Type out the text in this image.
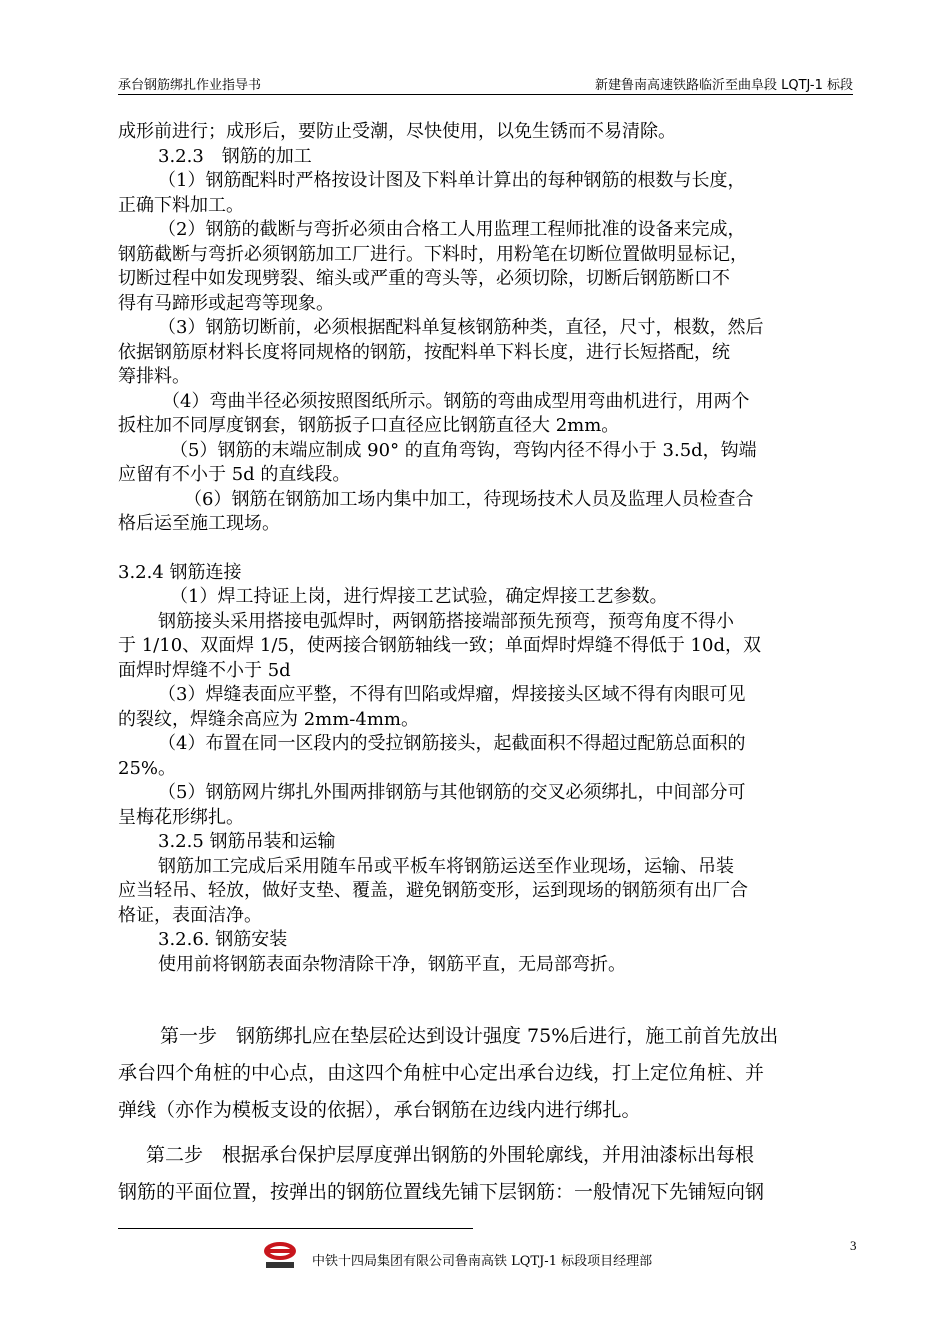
承台钢筋绑扎作业指导书	新建鲁南高速铁路临沂至曲阜段 LQTJ-1 标段

成形前进行；成形后，要防止受潮，尽快使用，以免生锈而不易清除。

3.2.3　钢筋的加工

（1）钢筋配料时严格按设计图及下料单计算出的每种钢筋的根数与长度，

正确下料加工。

（2）钢筋的截断与弯折必须由合格工人用监理工程师批准的设备来完成，

钢筋截断与弯折必须钢筋加工厂进行。下料时，用粉笔在切断位置做明显标记，

切断过程中如发现劈裂、缩头或严重的弯头等，必须切除，切断后钢筋断口不

得有马蹄形或起弯等现象。

（3）钢筋切断前，必须根据配料单复核钢筋种类，直径，尺寸，根数，然后

依据钢筋原材料长度将同规格的钢筋，按配料单下料长度，进行长短搭配，统

筹排料。

（4）弯曲半径必须按照图纸所示。钢筋的弯曲成型用弯曲机进行，用两个

扳柱加不同厚度钢套，钢筋扳子口直径应比钢筋直径大 2mm。

（5）钢筋的末端应制成 90° 的直角弯钩，弯钩内径不得小于 3.5d，钩端

应留有不小于 5d 的直线段。

（6）钢筋在钢筋加工场内集中加工，待现场技术人员及监理人员检查合

格后运至施工现场。

3.2.4 钢筋连接

（1）焊工持证上岗，进行焊接工艺试验，确定焊接工艺参数。

钢筋接头采用搭接电弧焊时，两钢筋搭接端部预先预弯，预弯角度不得小

于 1/10、双面焊 1/5，使两接合钢筋轴线一致；单面焊时焊缝不得低于 10d，双

面焊时焊缝不小于 5d

（3）焊缝表面应平整，不得有凹陷或焊瘤，焊接接头区域不得有肉眼可见

的裂纹，焊缝余高应为 2mm-4mm。

（4）布置在同一区段内的受拉钢筋接头，起截面积不得超过配筋总面积的

25%。

（5）钢筋网片绑扎外围两排钢筋与其他钢筋的交叉必须绑扎，中间部分可

呈梅花形绑扎。

3.2.5 钢筋吊装和运输

钢筋加工完成后采用随车吊或平板车将钢筋运送至作业现场，运输、吊装

应当轻吊、轻放，做好支垫、覆盖，避免钢筋变形，运到现场的钢筋须有出厂合

格证，表面洁净。

3.2.6. 钢筋安装

使用前将钢筋表面杂物清除干净，钢筋平直，无局部弯折。

第一步　钢筋绑扎应在垫层砼达到设计强度 75%后进行，施工前首先放出

承台四个角桩的中心点，由这四个角桩中心定出承台边线，打上定位角桩、并

弹线（亦作为模板支设的依据），承台钢筋在边线内进行绑扎。

第二步　根据承台保护层厚度弹出钢筋的外围轮廓线，并用油漆标出每根

钢筋的平面位置，按弹出的钢筋位置线先铺下层钢筋：一般情况下先铺短向钢

3
中铁十四局集团有限公司鲁南高铁 LQTJ-1 标段项目经理部
